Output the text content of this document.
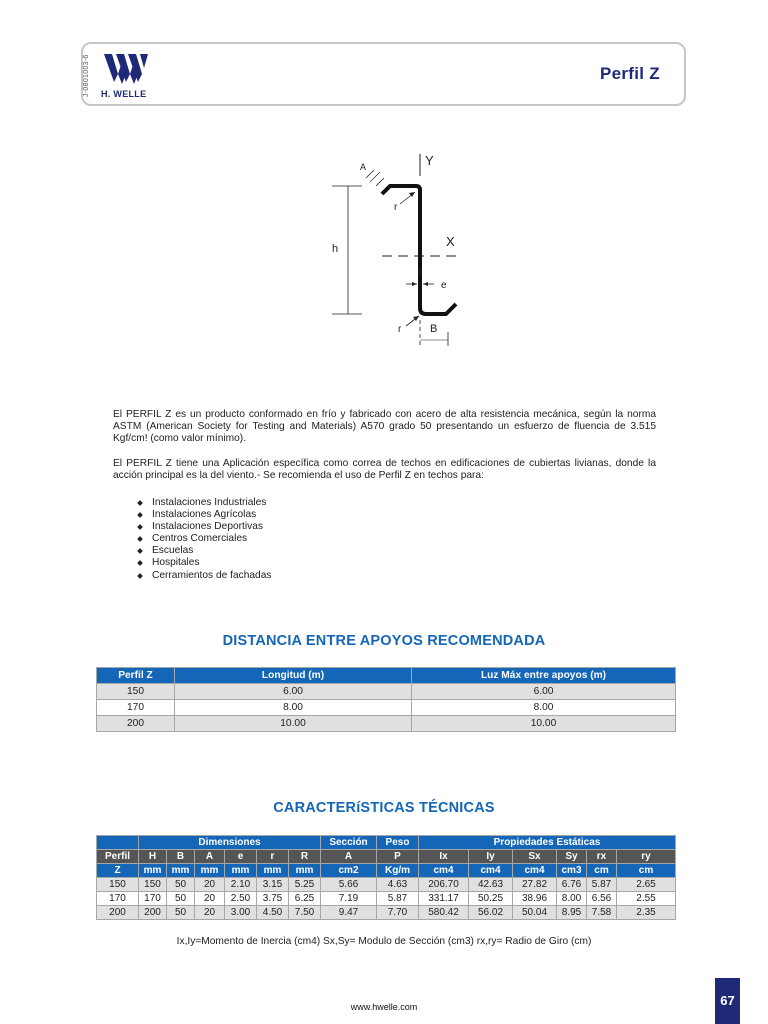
J-0801003-6	H. WELLE
Perfil Z
Y
A
h
r
X
e
r	B

El PERFIL Z es un producto conformado en frío y fabricado con acero de alta resistencia mecánica, según la norma ASTM (American Society for Testing and Materials) A570 grado 50 presentando un esfuerzo de fluencia de 3.515 Kgf/cm! (como valor mínimo).

El PERFIL Z tiene una Aplicación específica como correa de techos en edificaciones de cubiertas livianas, donde la acción principal es la del viento.- Se recomienda el uso de Perfil Z en techos para:

Instalaciones Industriales
Instalaciones Agrícolas
Instalaciones Deportivas
Centros Comerciales
Escuelas
Hospitales
Cerramientos de fachadas
DISTANCIA ENTRE APOYOS RECOMENDADA
Perfil Z	Longitud (m)	Luz Máx entre apoyos (m)
150	6.00	6.00
170	8.00	8.00
200	10.00	10.00
CARACTERíSTICAS TÉCNICAS
	Dimensiones						Sección	Peso	Propiedades Estáticas					
Perfil	H	B	A	e	r	R	A	P	Ix	Iy	Sx	Sy	rx	ry
Z	mm	mm	mm	mm	mm	mm	cm2	Kg/m	cm4	cm4	cm4	cm3	cm	cm
150	150	50	20	2.10	3.15	5.25	5.66	4.63	206.70	42.63	27.82	6.76	5.87	2.65
170	170	50	20	2.50	3.75	6.25	7.19	5.87	331.17	50.25	38.96	8.00	6.56	2.55
200	200	50	20	3.00	4.50	7.50	9.47	7.70	580.42	56.02	50.04	8.95	7.58	2.35
Ix,Iy=Momento de Inercia (cm4) Sx,Sy= Modulo de Sección (cm3) rx,ry= Radio de Giro (cm)
www.hwelle.com	67
